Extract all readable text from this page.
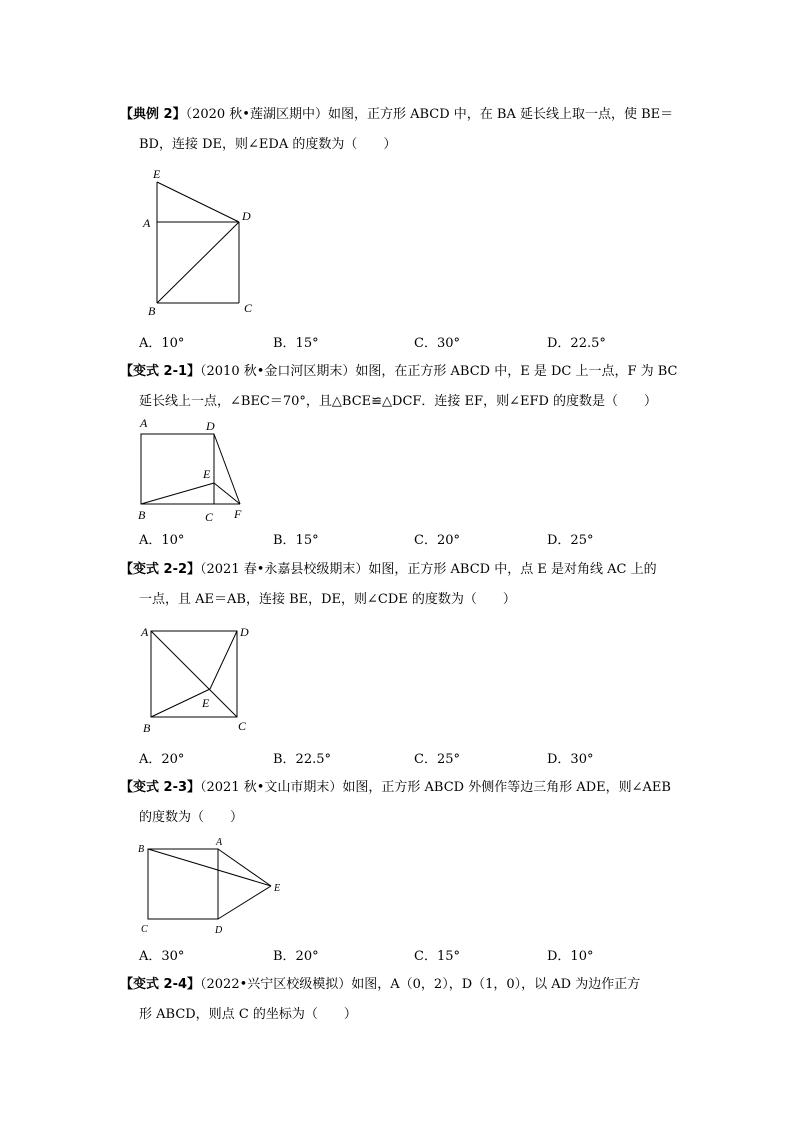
【典例 2】（2020 秋•莲湖区期中）如图，正方形 ABCD 中，在 BA 延长线上取一点，使 BE＝
BD，连接 DE，则∠EDA 的度数为（　　）
E
A	D
B	C
A．10°	B．15°	C．30°	D．22.5°
【变式 2-1】（2010 秋•金口河区期末）如图，在正方形 ABCD 中，E 是 DC 上一点，F 为 BC
延长线上一点，∠BEC＝70°，且△BCE≌△DCF．连接 EF，则∠EFD 的度数是（　　）
A	D
E
B	C F
A．10°	B．15°	C．20°	D．25°
【变式 2-2】（2021 春•永嘉县校级期末）如图，正方形 ABCD 中，点 E 是对角线 AC 上的
一点，且 AE＝AB，连接 BE，DE，则∠CDE 的度数为（　　）
A	D
E
B	C
A．20°	B．22.5°	C．25°	D．30°
【变式 2-3】（2021 秋•文山市期末）如图，正方形 ABCD 外侧作等边三角形 ADE，则∠AEB
的度数为（　　）
B
A
E
C	D
A．30°	B．20°	C．15°	D．10°
【变式 2-4】（2022•兴宁区校级模拟）如图，A（0，2），D（1，0），以 AD 为边作正方
形 ABCD，则点 C 的坐标为（　　）
